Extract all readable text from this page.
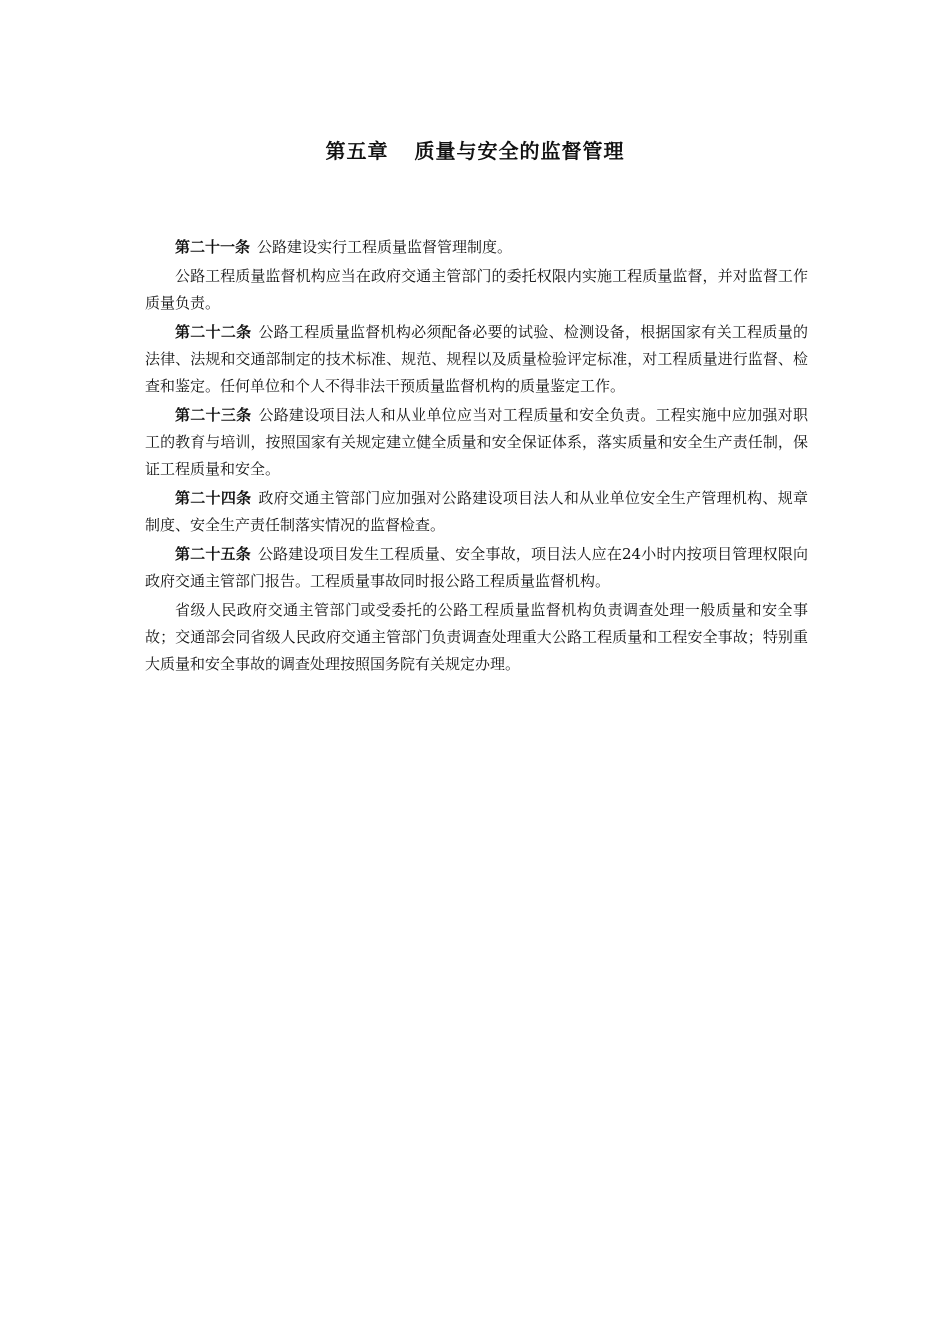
第五章 质量与安全的监督管理

第二十一条 公路建设实行工程质量监督管理制度。

公路工程质量监督机构应当在政府交通主管部门的委托权限内实施工程质量监督，并对监督工作质量负责。

第二十二条 公路工程质量监督机构必须配备必要的试验、检测设备，根据国家有关工程质量的法律、法规和交通部制定的技术标准、规范、规程以及质量检验评定标准，对工程质量进行监督、检查和鉴定。任何单位和个人不得非法干预质量监督机构的质量鉴定工作。

第二十三条 公路建设项目法人和从业单位应当对工程质量和安全负责。工程实施中应加强对职工的教育与培训，按照国家有关规定建立健全质量和安全保证体系，落实质量和安全生产责任制，保证工程质量和安全。

第二十四条 政府交通主管部门应加强对公路建设项目法人和从业单位安全生产管理机构、规章制度、安全生产责任制落实情况的监督检查。

第二十五条 公路建设项目发生工程质量、安全事故，项目法人应在24小时内按项目管理权限向政府交通主管部门报告。工程质量事故同时报公路工程质量监督机构。

省级人民政府交通主管部门或受委托的公路工程质量监督机构负责调查处理一般质量和安全事故；交通部会同省级人民政府交通主管部门负责调查处理重大公路工程质量和工程安全事故；特别重大质量和安全事故的调查处理按照国务院有关规定办理。
